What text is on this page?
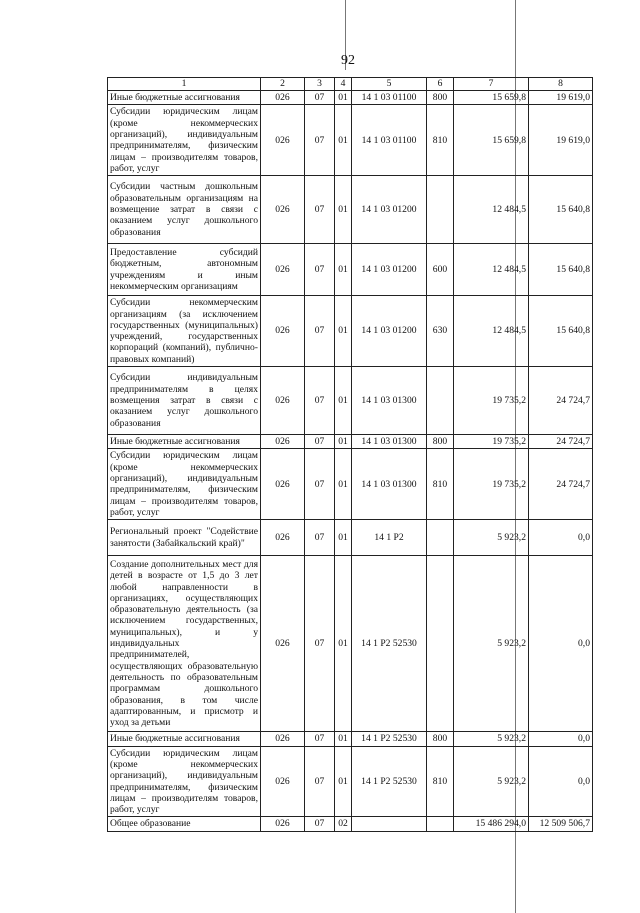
92
1	2	3	4	5	6	7	8
Иные бюджетные ассигнования	026	07	01	14 1 03 01100	800	15 659,8	19 619,0
Субсидии юридическим лицам (кроме некоммерческих организаций), индивидуальным предпринимателям, физическим лицам – производителям товаров, работ, услуг	026	07	01	14 1 03 01100	810	15 659,8	19 619,0
Субсидии частным дошкольным образовательным организациям на возмещение затрат в связи с оказанием услуг дошкольного образования	026	07	01	14 1 03 01200		12 484,5	15 640,8
Предоставление субсидий бюджетным, автономным учреждениям и иным некоммерческим организациям	026	07	01	14 1 03 01200	600	12 484,5	15 640,8
Субсидии некоммерческим организациям (за исключением государственных (муниципальных) учреждений, государственных корпораций (компаний), публично-правовых компаний)	026	07	01	14 1 03 01200	630	12 484,5	15 640,8
Субсидии индивидуальным предпринимателям в целях возмещения затрат в связи с оказанием услуг дошкольного образования	026	07	01	14 1 03 01300		19 735,2	24 724,7
Иные бюджетные ассигнования	026	07	01	14 1 03 01300	800	19 735,2	24 724,7
Субсидии юридическим лицам (кроме некоммерческих организаций), индивидуальным предпринимателям, физическим лицам – производителям товаров, работ, услуг	026	07	01	14 1 03 01300	810	19 735,2	24 724,7
Региональный проект "Содействие занятости (Забайкальский край)"	026	07	01	14 1 P2		5 923,2	0,0
Создание дополнительных мест для детей в возрасте от 1,5 до 3 лет любой направленности в организациях, осуществляющих образовательную деятельность (за исключением государственных, муниципальных), и у индивидуальных предпринимателей, осуществляющих образовательную деятельность по образовательным программам дошкольного образования, в том числе адаптированным, и присмотр и уход за детьми	026	07	01	14 1 P2 52530		5 923,2	0,0
Иные бюджетные ассигнования	026	07	01	14 1 P2 52530	800	5 923,2	0,0
Субсидии юридическим лицам (кроме некоммерческих организаций), индивидуальным предпринимателям, физическим лицам – производителям товаров, работ, услуг	026	07	01	14 1 P2 52530	810	5 923,2	0,0
Общее образование	026	07	02			15 486 294,0	12 509 506,7
